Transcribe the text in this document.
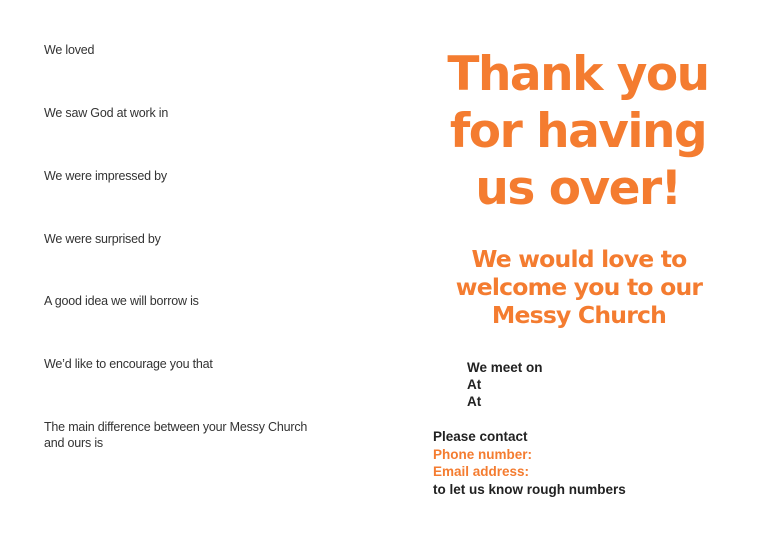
We loved
We saw God at work in
We were impressed by
We were surprised by
A good idea we will borrow is
We’d like to encourage you that
The main difference between your Messy Church
and ours is
Thank you
for having
us over!
We would love to
welcome you to our
Messy Church
We meet on
At
At
Please contact
Phone number:
Email address:
to let us know rough numbers
